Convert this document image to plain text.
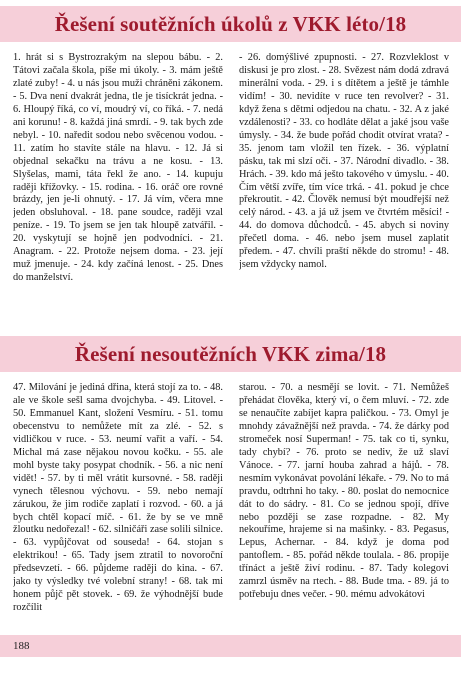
Řešení soutěžních úkolů z VKK léto/18
1. hrát si s Bystrozrakým na slepou bábu. - 2. Tátovi začala škola, píše mi úkoly. - 3. mám ještě zlaté zuby! - 4. u nás jsou muži chráněni zákonem. - 5. Dva není dvakrát jedna, tle je tisíckrát jedna. - 6. Hloupý říká, co ví, moudrý ví, co říká. - 7. nedá ani korunu! - 8. každá jiná smrdí. - 9. tak bych zde nebyl. - 10. naředit sodou nebo svěcenou vodou. - 11. zatím ho stavíte stále na hlavu. - 12. Já si objednal sekačku na trávu a ne kosu. - 13. Slyšelas, mami, táta řekl že ano. - 14. kupuju raději křížovky. - 15. rodina. - 16. oráč ore rovné brázdy, jen je-li ohnutý. - 17. Já vím, včera mne jeden obsluhoval. - 18. pane soudce, raději vzal peníze. - 19. To jsem se jen tak hloupě zatvářil. - 20. vyskytují se hojně jen podvodníci. - 21. Anagram. - 22. Protože nejsem doma. - 23. její muž jmenuje. - 24. kdy začíná lenost. - 25. Dnes do manželství.
- 26. domýšlivé zpupnosti. - 27. Rozvleklost v diskusi je pro zlost. - 28. Svězest nám dodá zdravá minerální voda. - 29. i s dítětem a ještě je támhle vidím! - 30. nevidíte v ruce ten revolver? - 31. když žena s dětmi odjedou na chatu. - 32. A z jaké vzdálenosti? - 33. co hodláte dělat a jaké jsou vaše úmysly. - 34. že bude pořád chodit otvírat vrata? - 35. jenom tam vložil ten řízek. - 36. výplatní pásku, tak mi slzí oči. - 37. Národní divadlo. - 38. Hrách. - 39. kdo má ješto takového v úmyslu. - 40. Čím větší zvíře, tím více trká. - 41. pokud je chce překroutit. - 42. Člověk nemusí být moudřejší než celý národ. - 43. a já už jsem ve čtvrtém měsíci! - 44. do domova důchodců. - 45. abych si noviny přečetl doma. - 46. nebo jsem musel zaplatit předem. - 47. chvíli praští někde do stromu! - 48. jsem vždycky namol.
Řešení nesoutěžních VKK zima/18
47. Milování je jediná dřina, která stojí za to. - 48. ale ve škole sešl sama dvojchyba. - 49. Litovel. - 50. Emmanuel Kant, složení Vesmíru. - 51. tomu obecenstvu to nemůžete mít za zlé. - 52. s vidličkou v ruce. - 53. neumí vařit a vaří. - 54. Michal má zase nějakou novou kočku. - 55. ale mohl byste taky posypat chodník. - 56. a nic není vidět! - 57. by ti měl vrátit kursovné. - 58. raději vynech tělesnou výchovu. - 59. nebo nemají zárukou, že jim rodiče zaplatí i rozvod. - 60. a já bych chtěl kopací míč. - 61. že by se ve mně žloutku nedořezal! - 62. silničáři zase solili silnice. - 63. vypůjčovat od souseda! - 64. stojan s elektrikou! - 65. Tady jsem ztratil to novoroční předsevzetí. - 66. půjdeme raději do kina. - 67. jako ty výsledky tvé volební strany! - 68. tak mi honem půjč pět stovek. - 69. že výhodnější bude rozčílit
starou. - 70. a nesmějí se lovit. - 71. Nemůžeš přehádat člověka, který ví, o čem mluví. - 72. zde se nenaučíte zabíjet kapra paličkou. - 73. Omyl je mnohdy závažnější než pravda. - 74. že dárky pod stromeček nosí Superman! - 75. tak co ti, synku, tady chybí? - 76. proto se nediv, že už slaví Vánoce. - 77. jarní houba zahrad a hájů. - 78. nesmím vykonávat povolání lékaře. - 79. No to má pravdu, odtrhni ho taky. - 80. poslat do nemocnice dát to do sádry. - 81. Co se jednou spojí, dříve nebo později se zase rozpadne. - 82. My nekouříme, hrajeme si na mašinky. - 83. Pegasus, Lepus, Achernar. - 84. když je doma pod pantoflem. - 85. pořád někde toulala. - 86. propije třínáct a ještě živí rodinu. - 87. Tady kolegovi zamrzl úsměv na rtech. - 88. Bude tma. - 89. já to potřebuju dnes večer. - 90. mému advokátovi
188
